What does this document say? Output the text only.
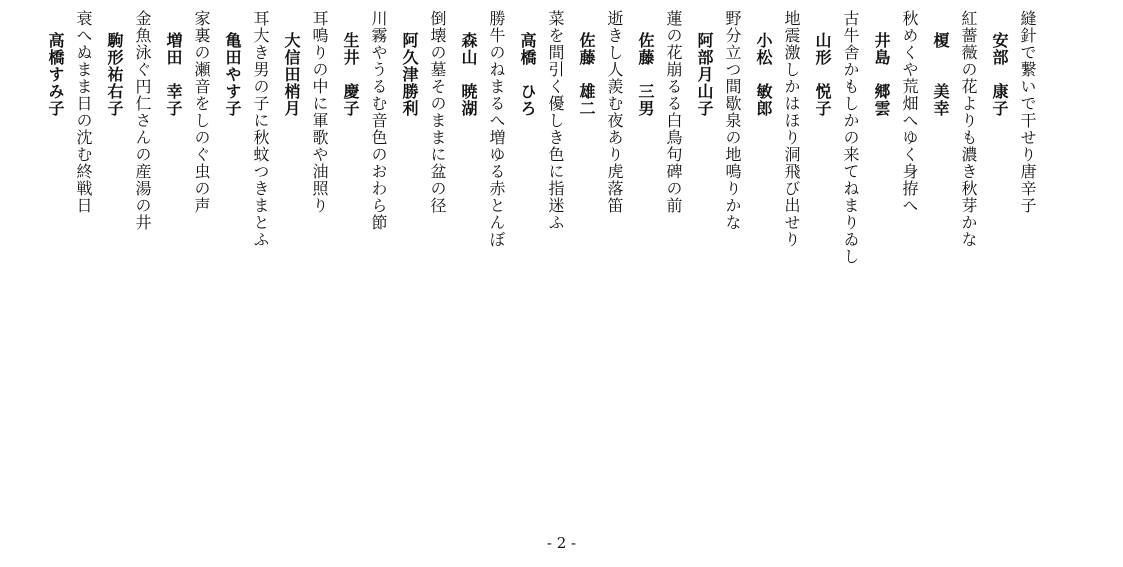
縫針で繋いで干せり唐辛子
安部　康子
紅薔薇の花よりも濃き秋芽かな
榎　　美幸
秋めくや荒畑へゆく身拵へ
井島　郷雲
古牛舎かもしかの来てねまりゐし
山形　悦子
地震激しかはほり洞飛び出せり
小松　敏郎
野分立つ間歇泉の地鳴りかな
阿部月山子
蓮の花崩るる白鳥句碑の前
佐藤　三男
逝きし人羨む夜あり虎落笛
佐藤　雄二
菜を間引く優しき色に指迷ふ
高橋　ひろ
勝牛のねまるへ増ゆる赤とんぼ
森山　暁湖
倒壊の墓そのままに盆の径
阿久津勝利
川霧やうるむ音色のおわら節
生井　慶子
耳鳴りの中に軍歌や油照り
大信田梢月
耳大き男の子に秋蚊つきまとふ
亀田やす子
家裏の瀬音をしのぐ虫の声
増田　幸子
金魚泳ぐ円仁さんの産湯の井
駒形祐右子
衰へぬまま日の沈む終戦日
高橋すみ子
- 2 -
